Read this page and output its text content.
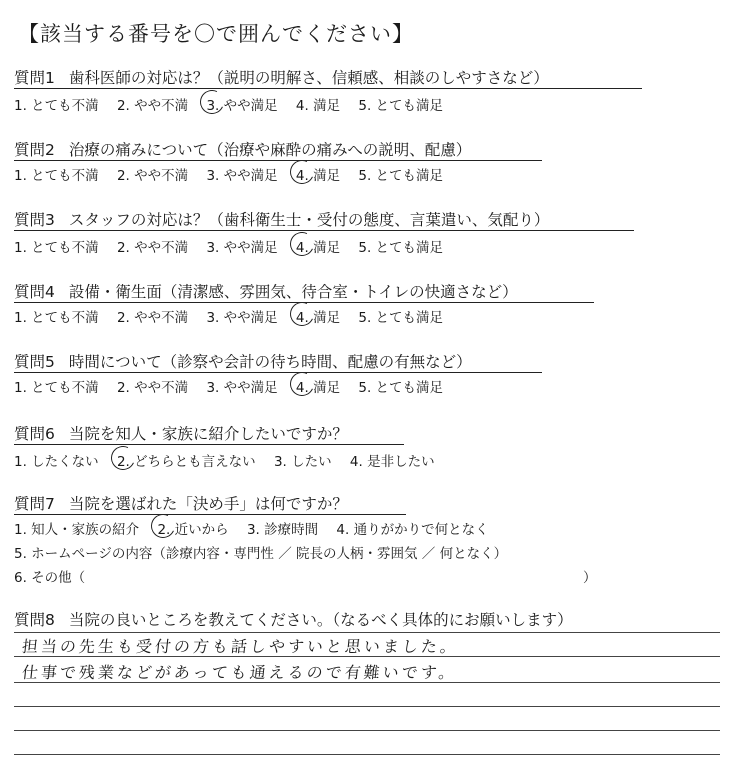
【該当する番号を〇で囲んでください】
質問1 歯科医師の対応は？（説明の明解さ、信頼感、相談のしやすさなど）
1. とても不満 2. やや不満 3. やや満足 4. 満足 5. とても満足
質問2 治療の痛みについて（治療や麻酔の痛みへの説明、配慮）
1. とても不満 2. やや不満 3. やや満足 4. 満足 5. とても満足
質問3 スタッフの対応は？（歯科衛生士・受付の態度、言葉遣い、気配り）
1. とても不満 2. やや不満 3. やや満足 4. 満足 5. とても満足
質問4 設備・衛生面（清潔感、雰囲気、待合室・トイレの快適さなど）
1. とても不満 2. やや不満 3. やや満足 4. 満足 5. とても満足
質問5 時間について（診察や会計の待ち時間、配慮の有無など）
1. とても不満 2. やや不満 3. やや満足 4. 満足 5. とても満足
質問6 当院を知人・家族に紹介したいですか？
1. したくない 2. どちらとも言えない 3. したい 4. 是非したい
質問7 当院を選ばれた「決め手」は何ですか？
1. 知人・家族の紹介 2. 近いから 3. 診療時間 4. 通りがかりで何となく
5. ホームページの内容（診療内容・専門性 ／ 院長の人柄・雰囲気 ／ 何となく）
6. その他（	）
質問8 当院の良いところを教えてください。（なるべく具体的にお願いします）
担当の先生も受付の方も話しやすいと思いました。
仕事で残業などがあっても通えるので有難いです。
